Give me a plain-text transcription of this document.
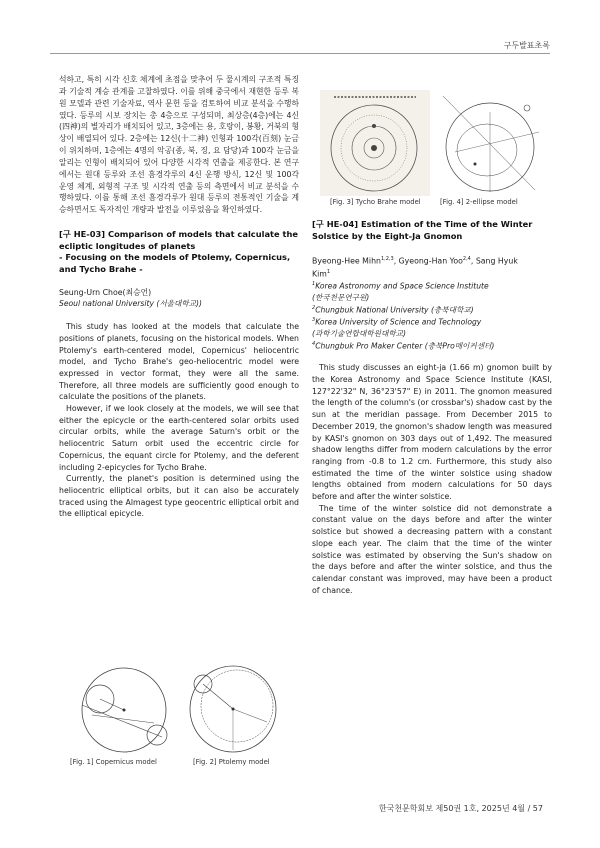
구두발표초록

석하고, 특히 시각 신호 체계에 초점을 맞추어 두 물시계의 구조적 특징과 기술적 계승 관계를 고찰하였다. 이를 위해 중국에서 재현한 등루 복원 모델과 관련 기술자료, 역사 문헌 등을 검토하여 비교 분석을 수행하였다. 등루의 시보 장치는 총 4층으로 구성되며, 최상층(4층)에는 4신(四神)의 별자리가 배치되어 있고, 3층에는 용, 호랑이, 봉황, 거북의 형상이 배열되어 있다. 2층에는 12신(十二神) 인형과 100각(百刻) 눈금이 위치하며, 1층에는 4명의 악공(종, 북, 징, 요 담당)과 100각 눈금을 알리는 인형이 배치되어 있어 다양한 시각적 연출을 제공한다. 본 연구에서는 원대 등루와 조선 흠경각루의 4신 운행 방식, 12신 및 100각 운영 체계, 외형적 구조 및 시각적 연출 등의 측면에서 비교 분석을 수행하였다. 이를 통해 조선 흠경각루가 원대 등루의 전통적인 기술을 계승하면서도 독자적인 개량과 발전을 이루었음을 확인하였다.

[구 HE-03] Comparison of models that calculate the ecliptic longitudes of planets

- Focusing on the models of Ptolemy, Copernicus, and Tycho Brahe -

Seung-Urn Choe(최승언)

Seoul national University (서울대학교))

This study has looked at the models that calculate the positions of planets, focusing on the historical models. When Ptolemy's earth-centered model, Copernicus' heliocentric model, and Tycho Brahe's geo-heliocentric model were expressed in vector format, they were all the same. Therefore, all three models are sufficiently good enough to calculate the positions of the planets.

However, if we look closely at the models, we will see that either the epicycle or the earth-centered solar orbits used circular orbits, while the average Saturn's orbit or the heliocentric Saturn orbit used the eccentric circle for Copernicus, the equant circle for Ptolemy, and the deferent including 2-epicycles for Tycho Brahe.

Currently, the planet's position is determined using the heliocentric elliptical orbits, but it can also be accurately traced using the Almagest type geocentric elliptical orbit and the elliptical epicycle.

[Fig. 1] Copernicus model	[Fig. 2] Ptolemy model
[Fig. 3] Tycho Brahe model	[Fig. 4] 2-ellipse model

[구 HE-04] Estimation of the Time of the Winter Solstice by the Eight-Ja Gnomon

Byeong-Hee Mihn$^{1,2,3}$, Gyeong-Han Yoo$^{2,4}$, Sang Hyuk

Kim$^1$

$^1$Korea Astronomy and Space Science Institute

(한국천문연구원)

$^2$Chungbuk National University (충북대학교)

$^3$Korea University of Science and Technology

(과학기술연합대학원대학교)

$^4$Chungbuk Pro Maker Center (충북Pro메이커센터)

This study discusses an eight-ja (1.66 m) gnomon built by the Korea Astronomy and Space Science Institute (KASI, 127°22'32" N, 36°23'57" E) in 2011. The gnomon measured the length of the column's (or crossbar's) shadow cast by the sun at the meridian passage. From December 2015 to December 2019, the gnomon's shadow length was measured by KASI's gnomon on 303 days out of 1,492. The measured shadow lengths differ from modern calculations by the error ranging from -0.8 to 1.2 cm. Furthermore, this study also estimated the time of the winter solstice using shadow lengths obtained from modern calculations for 50 days before and after the winter solstice.

The time of the winter solstice did not demonstrate a constant value on the days before and after the winter solstice but showed a decreasing pattern with a constant slope each year. The claim that the time of the winter solstice was estimated by observing the Sun's shadow on the days before and after the winter solstice, and thus the calendar constant was improved, may have been a product of chance.

한국천문학회보 제50권 1호, 2025년 4월 / 57
